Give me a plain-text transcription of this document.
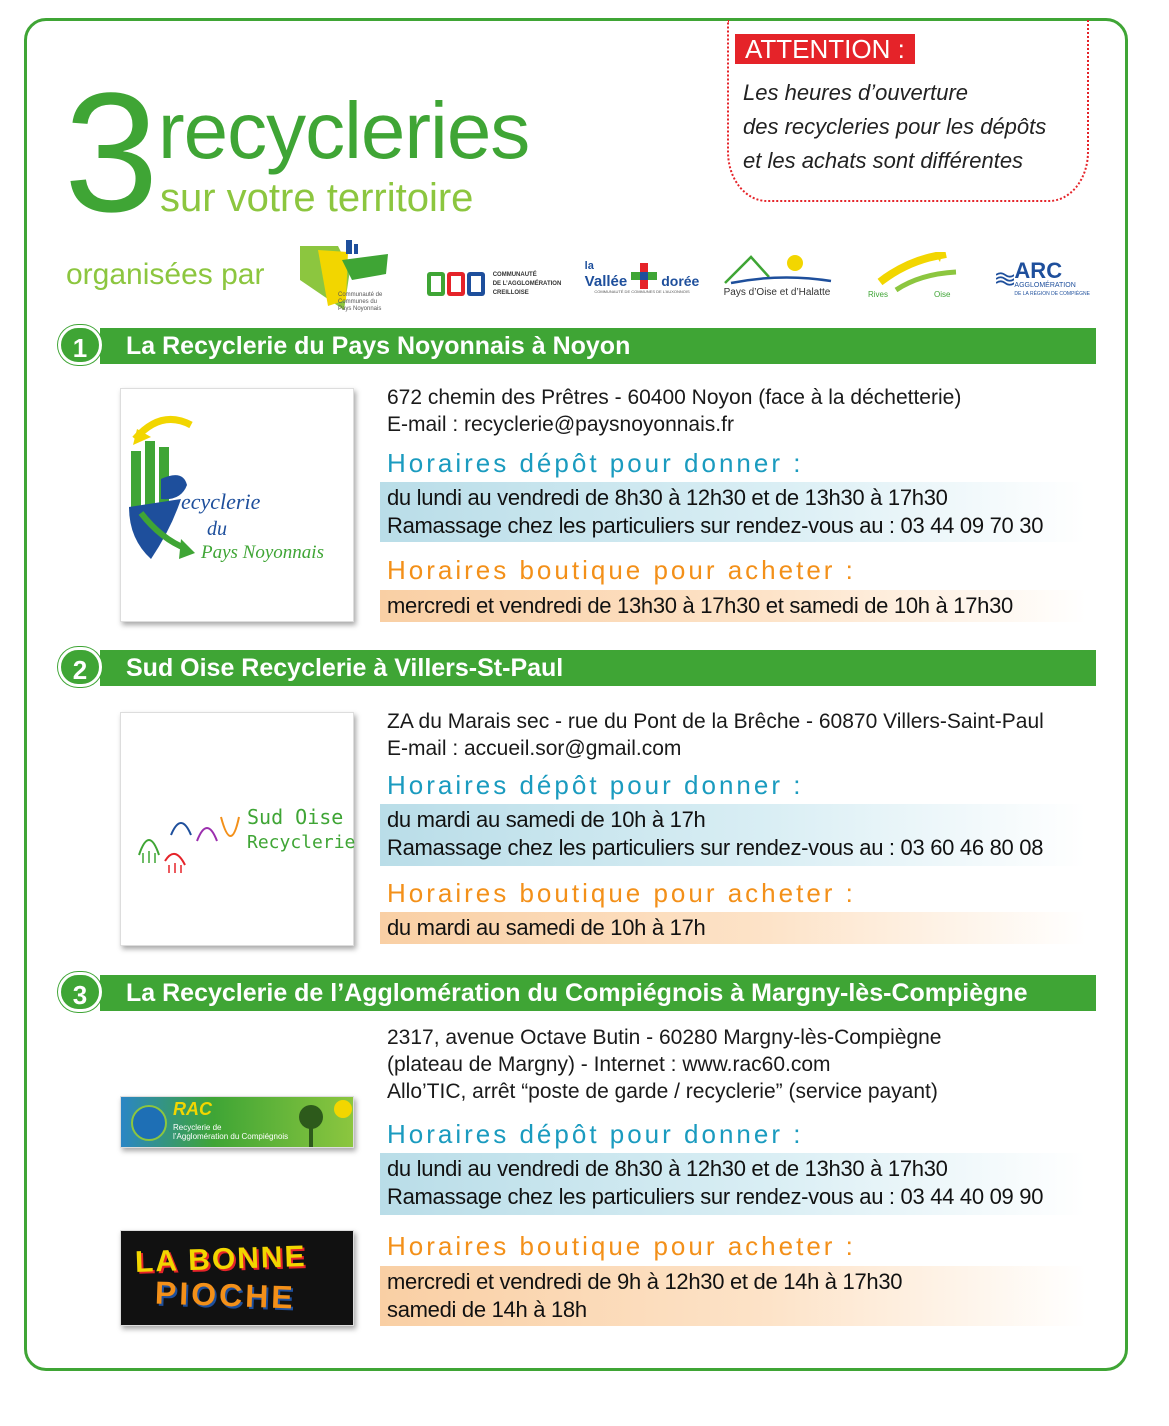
3 recycleries
sur votre territoire
organisées par
ATTENTION :
Les heures d’ouverture
des recycleries pour les dépôts
et les achats sont différentes
Communauté de Communes du Pays Noyonnais
COMMUNAUTÉ
DE L’AGGLOMÉRATION
CREILLOISE
la
Vallée dorée
COMMUNAUTÉ DE COMMUNES DE L’AUXONNOIS	Pays d’Oise et d’Halatte	Rives	Oise
ARC
AGGLOMÉRATION
DE LA RÉGION DE COMPIÈGNE
La Recyclerie du Pays Noyonnais à Noyon
1
ecyclerie
du
Pays Noyonnais
672 chemin des Prêtres - 60400 Noyon (face à la déchetterie)
E-mail : recyclerie@paysnoyonnais.fr
Horaires dépôt pour donner :
du lundi au vendredi de 8h30 à 12h30 et de 13h30 à 17h30
Ramassage chez les particuliers sur rendez-vous au : 03 44 09 70 30
Horaires boutique pour acheter :
mercredi et vendredi de 13h30 à 17h30 et samedi de 10h à 17h30
Sud Oise Recyclerie à Villers-St-Paul
2
Sud Oise
Recyclerie
ZA du Marais sec - rue du Pont de la Brêche - 60870 Villers-Saint-Paul
E-mail : accueil.sor@gmail.com
Horaires dépôt pour donner :
du mardi au samedi de 10h à 17h
Ramassage chez les particuliers sur rendez-vous au : 03 60 46 80 08
Horaires boutique pour acheter :
du mardi au samedi de 10h à 17h
La Recyclerie de l’Agglomération du Compiégnois à Margny-lès-Compiègne
3
RAC
Recyclerie de
l’Agglomération du Compiégnois
LA BONNE
PIOCHE
2317, avenue Octave Butin - 60280 Margny-lès-Compiègne
(plateau de Margny) - Internet : www.rac60.com
Allo’TIC, arrêt “poste de garde / recyclerie” (service payant)
Horaires dépôt pour donner :
du lundi au vendredi de 8h30 à 12h30 et de 13h30 à 17h30
Ramassage chez les particuliers sur rendez-vous au : 03 44 40 09 90
Horaires boutique pour acheter :
mercredi et vendredi de 9h à 12h30 et de 14h à 17h30
samedi de 14h à 18h
